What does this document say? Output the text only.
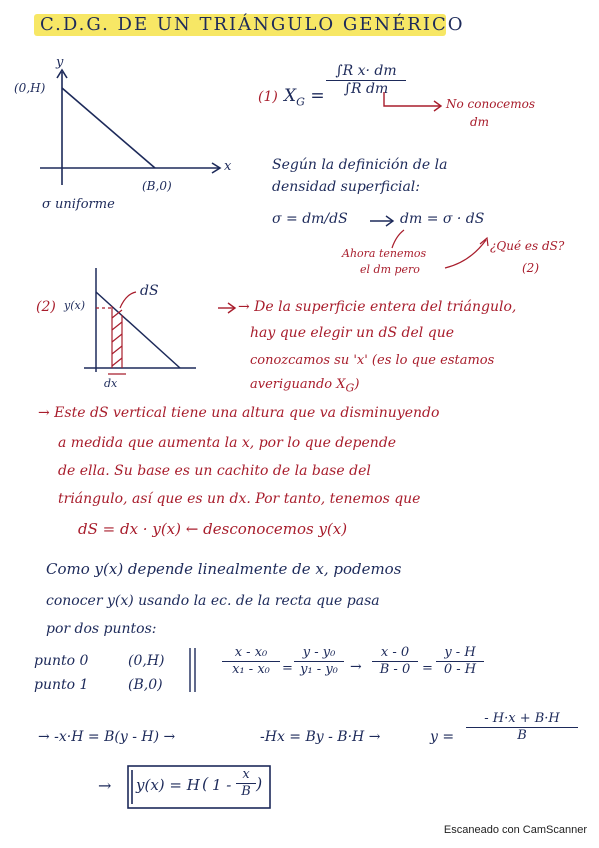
C.D.G. DE UN TRIÁNGULO GENÉRICO
y
x
(0,H)
(B,0)
σ uniforme
(1) $X_G$ =
∫R x· dm
∫R dm
No conocemos
dm
Según la definición de la
densidad superficial:
σ = dm/dS	dm = σ · dS
Ahora tenemos
el dm pero
¿Qué es dS?
(2)
(2) y(x)
dS
dx
→ De la superficie entera del triángulo,
hay que elegir un dS del que
conozcamos su 'x' (es lo que estamos
averiguando $X_G$)
→ Este dS vertical tiene una altura que va disminuyendo
a medida que aumenta la x, por lo que depende
de ella. Su base es un cachito de la base del
triángulo, así que es un dx. Por tanto, tenemos que
dS = dx · y(x) ← desconocemos y(x)
Como y(x) depende linealmente de x, podemos
conocer y(x) usando la ec. de la recta que pasa
por dos puntos:
punto 0	(0,H)
punto 1	(B,0)
x - x₀
x₁ - x₀ =
y - y₀
y₁ - y₀ →
x - 0
B - 0 =
y - H
0 - H
→ -x·H = B(y - H) →	-Hx = By - B·H →	y =
- H·x + B·H
B
→ y(x) = H ( 1 -
x
B )
Escaneado con CamScanner
